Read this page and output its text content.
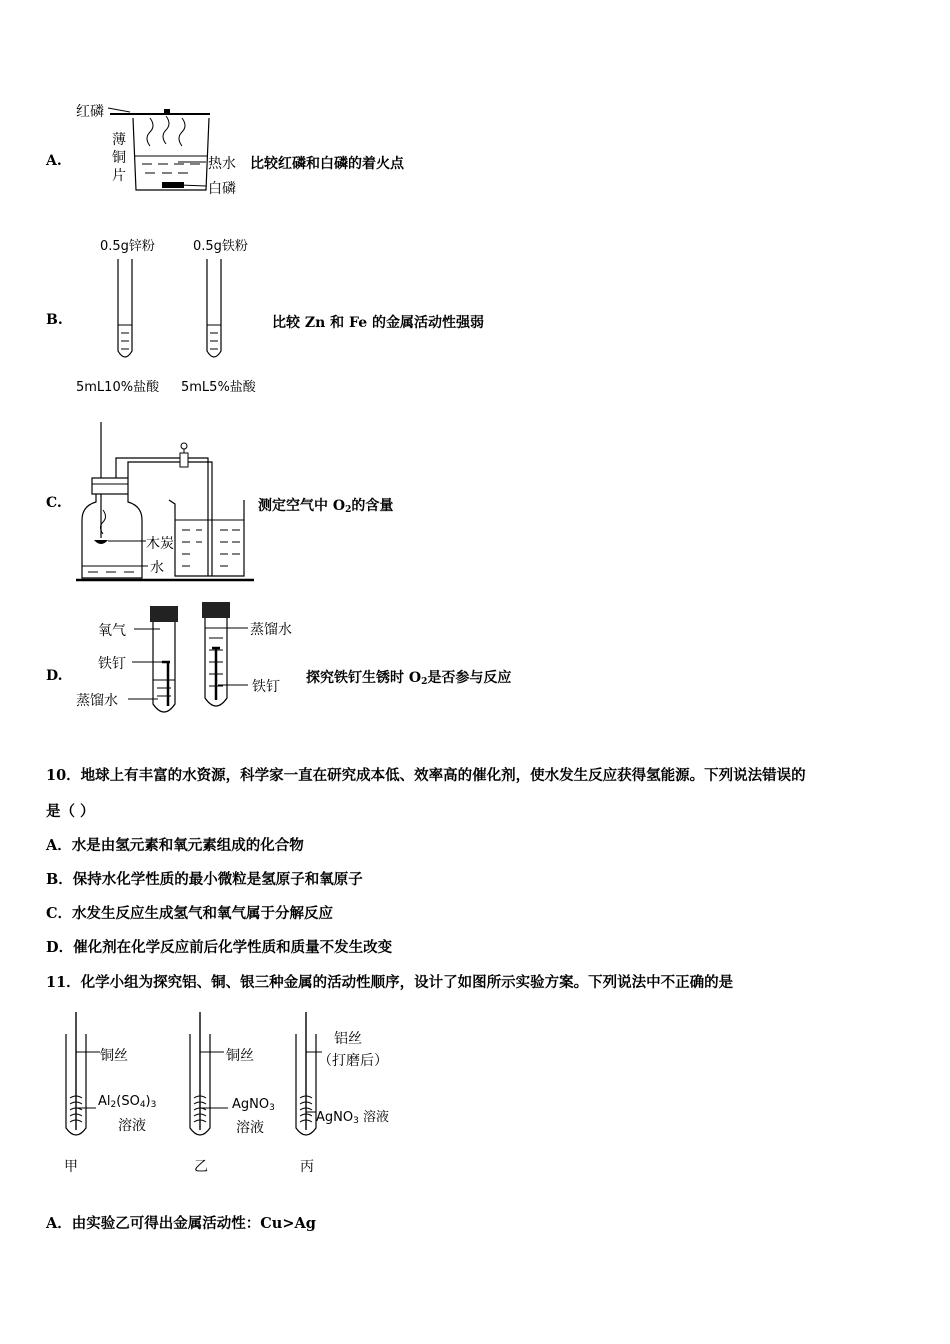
A.
红磷
薄
铜
片
热水
白磷
比较红磷和白磷的着火点
B.
0.5g锌粉	0.5g铁粉
5mL10%盐酸 5mL5%盐酸
比较 Zn 和 Fe 的金属活动性强弱
C.
木炭
水
测定空气中 $O_2$的含量
D.
氧气
铁钉
蒸馏水
蒸馏水
铁钉
探究铁钉生锈时 $O_2$是否参与反应
10．地球上有丰富的水资源，科学家一直在研究成本低、效率高的催化剂，使水发生反应获得氢能源。下列说法错误的
是（ ）
A．水是由氢元素和氧元素组成的化合物
B．保持水化学性质的最小微粒是氢原子和氧原子
C．水发生反应生成氢气和氧气属于分解反应
D．催化剂在化学反应前后化学性质和质量不发生改变
11．化学小组为探究铝、铜、银三种金属的活动性顺序，设计了如图所示实验方案。下列说法中不正确的是
铜丝
$Al_2(SO_4)_3$
溶液
甲
铜丝
AgNO$_3$
溶液
乙
铝丝
（打磨后）
AgNO$_3$ 溶液
丙
A．由实验乙可得出金属活动性：Cu>Ag
